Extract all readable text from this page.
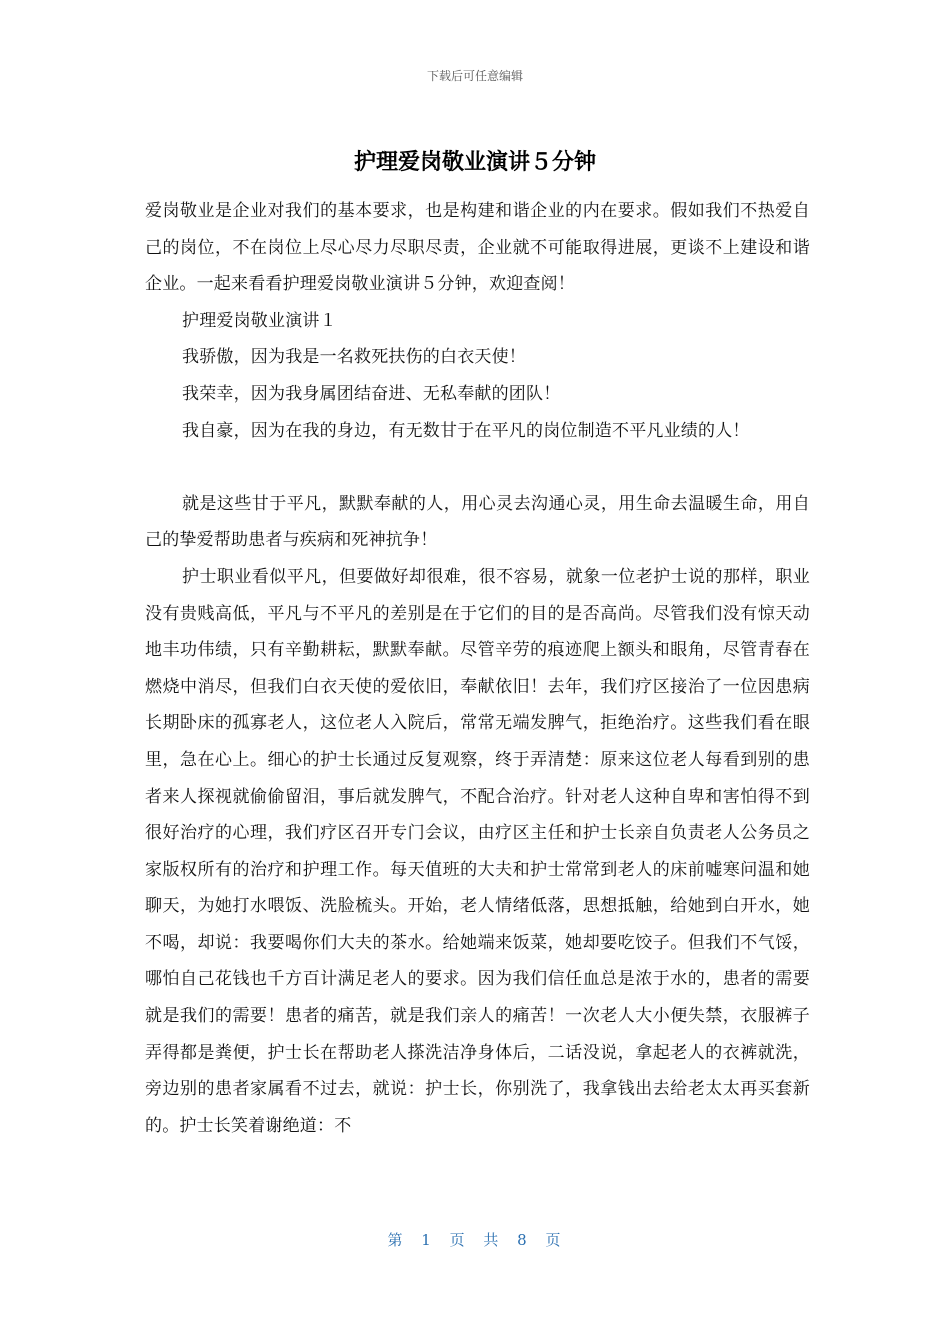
下载后可任意编辑
护理爱岗敬业演讲５分钟

爱岗敬业是企业对我们的基本要求，也是构建和谐企业的内在要求。假如我们不热爱自己的岗位，不在岗位上尽心尽力尽职尽责，企业就不可能取得进展，更谈不上建设和谐企业。一起来看看护理爱岗敬业演讲５分钟，欢迎查阅！

护理爱岗敬业演讲１

我骄傲，因为我是一名救死扶伤的白衣天使！

我荣幸，因为我身属团结奋进、无私奉献的团队！

我自豪，因为在我的身边，有无数甘于在平凡的岗位制造不平凡业绩的人！

就是这些甘于平凡，默默奉献的人，用心灵去沟通心灵，用生命去温暖生命，用自己的挚爱帮助患者与疾病和死神抗争！

护士职业看似平凡，但要做好却很难，很不容易，就象一位老护士说的那样，职业没有贵贱高低，平凡与不平凡的差别是在于它们的目的是否高尚。尽管我们没有惊天动地丰功伟绩，只有辛勤耕耘，默默奉献。尽管辛劳的痕迹爬上额头和眼角，尽管青春在燃烧中消尽，但我们白衣天使的爱依旧，奉献依旧！去年，我们疗区接治了一位因患病长期卧床的孤寡老人，这位老人入院后，常常无端发脾气，拒绝治疗。这些我们看在眼里，急在心上。细心的护士长通过反复观察，终于弄清楚：原来这位老人每看到别的患者来人探视就偷偷留泪，事后就发脾气，不配合治疗。针对老人这种自卑和害怕得不到很好治疗的心理，我们疗区召开专门会议，由疗区主任和护士长亲自负责老人公务员之家版权所有的治疗和护理工作。每天值班的大夫和护士常常到老人的床前嘘寒问温和她聊天，为她打水喂饭、洗脸梳头。开始，老人情绪低落，思想抵触，给她到白开水，她不喝，却说：我要喝你们大夫的茶水。给她端来饭菜，她却要吃饺子。但我们不气馁，哪怕自己花钱也千方百计满足老人的要求。因为我们信任血总是浓于水的，患者的需要就是我们的需要！患者的痛苦，就是我们亲人的痛苦！一次老人大小便失禁，衣服裤子弄得都是粪便，护士长在帮助老人搽洗洁净身体后，二话没说，拿起老人的衣裤就洗，旁边别的患者家属看不过去，就说：护士长，你别洗了，我拿钱出去给老太太再买套新的。护士长笑着谢绝道：不

第 1 页 共 8 页
